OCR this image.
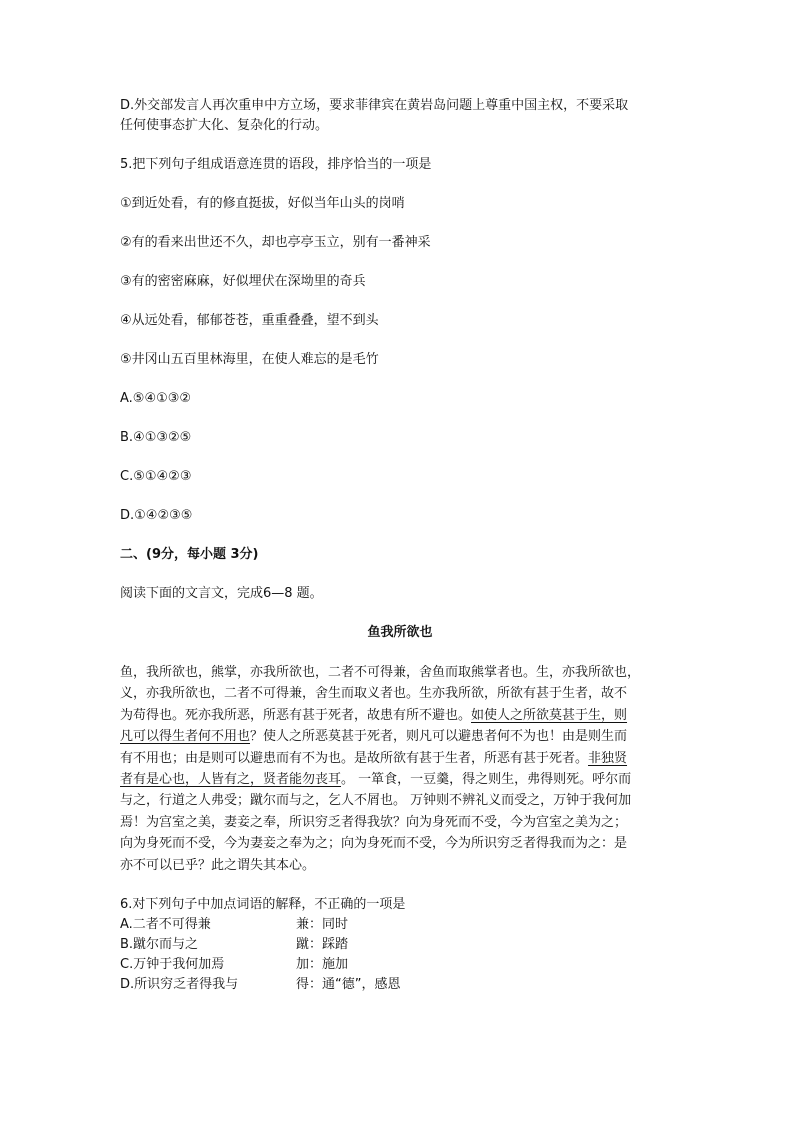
D.外交部发言人再次重申中方立场，要求菲律宾在黄岩岛问题上尊重中国主权，不要采取

任何使事态扩大化、复杂化的行动。

5.把下列句子组成语意连贯的语段，排序恰当的一项是

①到近处看，有的修直挺拔，好似当年山头的岗哨

②有的看来出世还不久，却也亭亭玉立，别有一番神采

③有的密密麻麻，好似埋伏在深坳里的奇兵

④从远处看，郁郁苍苍，重重叠叠，望不到头

⑤井冈山五百里林海里，在使人难忘的是毛竹

A.⑤④①③②

B.④①③②⑤

C.⑤①④②③

D.①④②③⑤

二、(9分，每小题 3分)

阅读下面的文言文，完成6—8 题。

鱼我所欲也

鱼，我所欲也，熊掌，亦我所欲也，二者不可得兼，舍鱼而取熊掌者也。生，亦我所欲也，

义，亦我所欲也，二者不可得兼，舍生而取义者也。生亦我所欲，所欲有甚于生者，故不

为苟得也。死亦我所恶，所恶有甚于死者，故患有所不避也。如使人之所欲莫甚于生，则

凡可以得生者何不用也？使人之所恶莫甚于死者，则凡可以避患者何不为也！由是则生而

有不用也；由是则可以避患而有不为也。是故所欲有甚于生者，所恶有甚于死者。非独贤

者有是心也，人皆有之，贤者能勿丧耳。 一箪食，一豆羹，得之则生，弗得则死。呼尔而

与之，行道之人弗受；蹴尔而与之，乞人不屑也。 万钟则不辨礼义而受之，万钟于我何加

焉！为宫室之美，妻妾之奉，所识穷乏者得我欤？向为身死而不受，今为宫室之美为之；

向为身死而不受，今为妻妾之奉为之；向为身死而不受，今为所识穷乏者得我而为之：是

亦不可以已乎？此之谓失其本心。

6.对下列句子中加点词语的解释，不正确的一项是

A.二者不可得兼	兼：同时

B.蹴尔而与之	蹴：踩踏

C.万钟于我何加焉	加：施加

D.所识穷乏者得我与	得：通“德”，感恩
